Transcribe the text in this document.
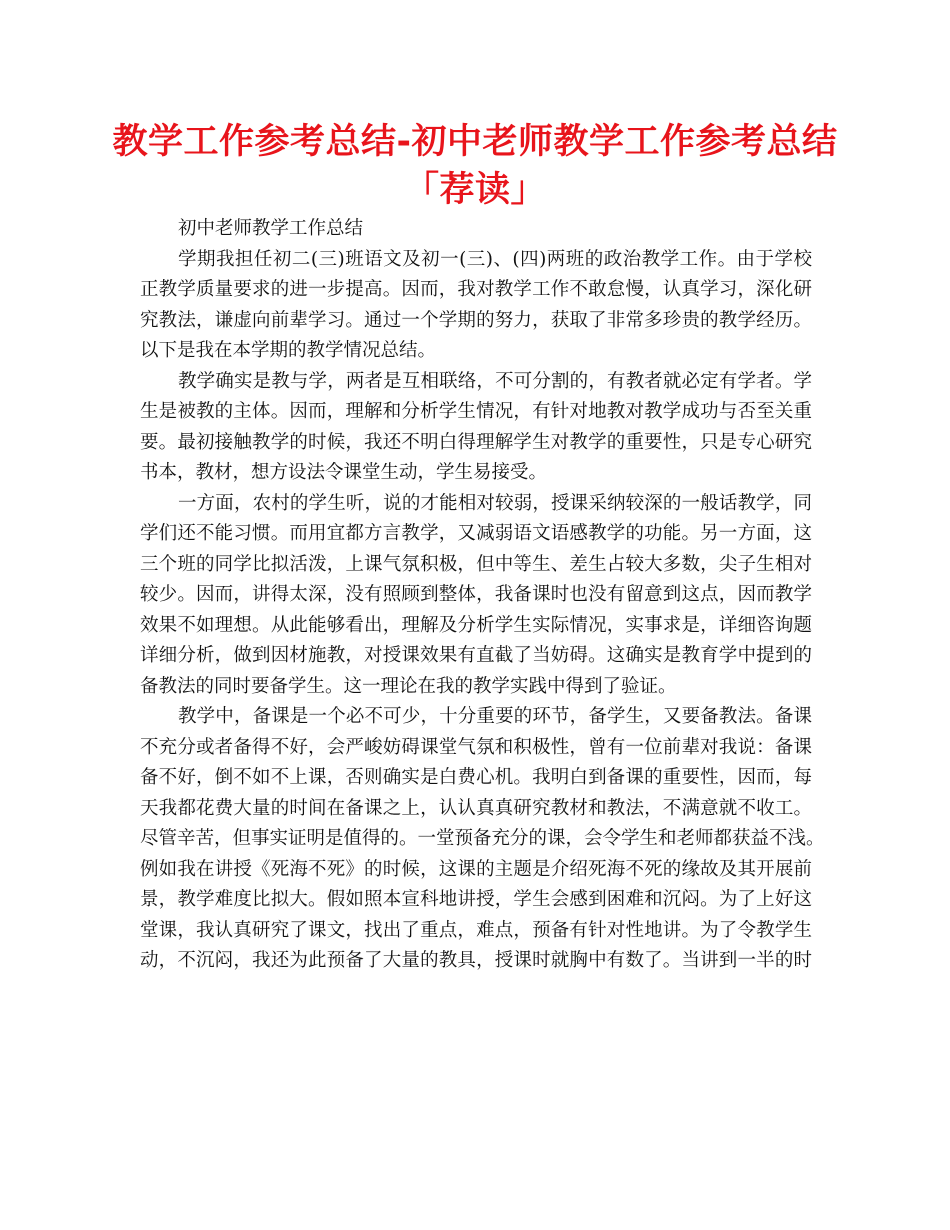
教学工作参考总结-初中老师教学工作参考总结
「荐读」
初中老师教学工作总结
学期我担任初二(三)班语文及初一(三)、(四)两班的政治教学工作。由于学校
正教学质量要求的进一步提高。因而，我对教学工作不敢怠慢，认真学习，深化研
究教法，谦虚向前辈学习。通过一个学期的努力，获取了非常多珍贵的教学经历。
以下是我在本学期的教学情况总结。
教学确实是教与学，两者是互相联络，不可分割的，有教者就必定有学者。学
生是被教的主体。因而，理解和分析学生情况，有针对地教对教学成功与否至关重
要。最初接触教学的时候，我还不明白得理解学生对教学的重要性，只是专心研究
书本，教材，想方设法令课堂生动，学生易接受。
一方面，农村的学生听，说的才能相对较弱，授课采纳较深的一般话教学，同
学们还不能习惯。而用宜都方言教学，又减弱语文语感教学的功能。另一方面，这
三个班的同学比拟活泼，上课气氛积极，但中等生、差生占较大多数，尖子生相对
较少。因而，讲得太深，没有照顾到整体，我备课时也没有留意到这点，因而教学
效果不如理想。从此能够看出，理解及分析学生实际情况，实事求是，详细咨询题
详细分析，做到因材施教，对授课效果有直截了当妨碍。这确实是教育学中提到的
备教法的同时要备学生。这一理论在我的教学实践中得到了验证。
教学中，备课是一个必不可少，十分重要的环节，备学生，又要备教法。备课
不充分或者备得不好，会严峻妨碍课堂气氛和积极性，曾有一位前辈对我说：备课
备不好，倒不如不上课，否则确实是白费心机。我明白到备课的重要性，因而，每
天我都花费大量的时间在备课之上，认认真真研究教材和教法，不满意就不收工。
尽管辛苦，但事实证明是值得的。一堂预备充分的课，会令学生和老师都获益不浅。
例如我在讲授《死海不死》的时候，这课的主题是介绍死海不死的缘故及其开展前
景，教学难度比拟大。假如照本宣科地讲授，学生会感到困难和沉闷。为了上好这
堂课，我认真研究了课文，找出了重点，难点，预备有针对性地讲。为了令教学生
动，不沉闷，我还为此预备了大量的教具，授课时就胸中有数了。当讲到一半的时
